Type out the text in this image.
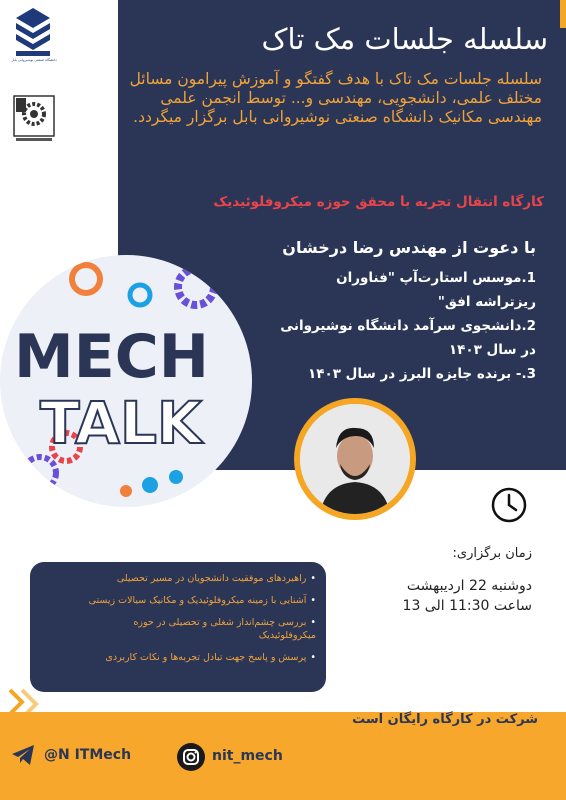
دانشگاه صنعتی نوشیروانی بابل
سلسله جلسات مک تاک
سلسله جلسات مک تاک با هدف گفتگو و آموزش پیرامون مسائل مختلف علمی، دانشجویی، مهندسی و... توسط انجمن علمی مهندسی مکانیک دانشگاه صنعتی نوشیروانی بابل برگزار میگردد.
کارگاه انتقال تجربه با محقق حوزه میکروفلوئیدیک
با دعوت از مهندس رضا درخشان
1.موسس استارت‌آپ "فناوران ریزتراشه افق"
2.دانشجوی سرآمد دانشگاه نوشیروانی در سال ۱۴۰۳
3.- برنده جایزه البرز در سال ۱۴۰۳
MECH
TALK
زمان برگزاری:
دوشنبه 22 اردیبهشت
ساعت 11:30 الی 13
•راهبردهای موفقیت دانشجویان در مسیر تحصیلی
•آشنایی با زمینه میکروفلوئیدیک و مکانیک سیالات زیستی
•بررسی چشم‌انداز شغلی و تحصیلی در حوزه میکروفلوئیدیک
•پرسش و پاسخ جهت تبادل تجربه‌ها و نکات کاربردی
شرکت در کارگاه رایگان است
@N ITMech	nit_mech
